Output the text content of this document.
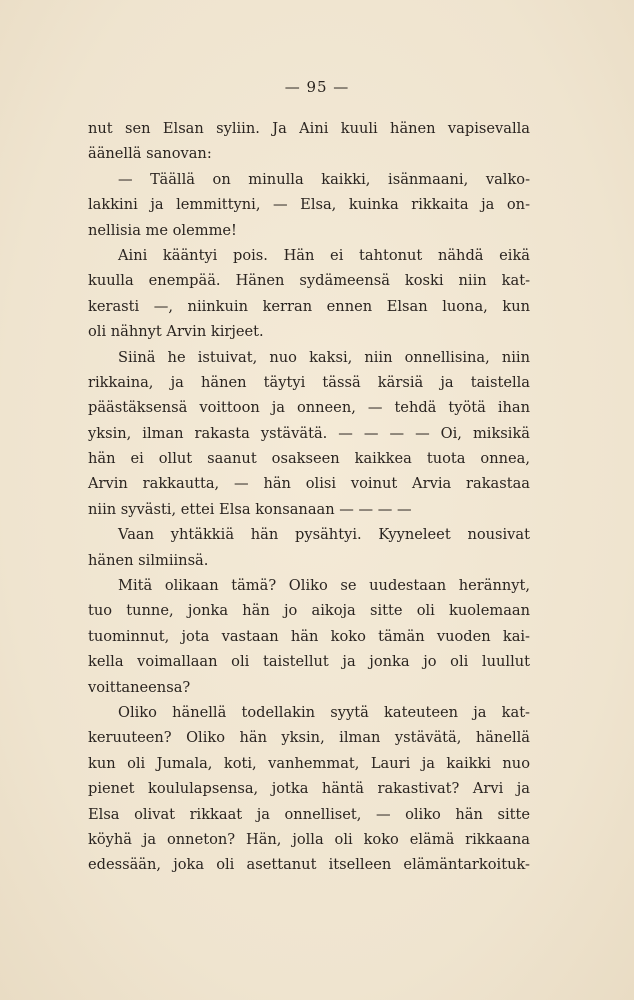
— 95 —
nut sen Elsan syliin. Ja Aini kuuli hänen vapisevalla
äänellä sanovan:
— Täällä on minulla kaikki, isänmaani, valko-
lakkini ja lemmittyni, — Elsa, kuinka rikkaita ja on-
nellisia me olemme!
Aini kääntyi pois. Hän ei tahtonut nähdä eikä
kuulla enempää. Hänen sydämeensä koski niin kat-
kerasti —, niinkuin kerran ennen Elsan luona, kun
oli nähnyt Arvin kirjeet.
Siinä he istuivat, nuo kaksi, niin onnellisina, niin
rikkaina, ja hänen täytyi tässä kärsiä ja taistella
päästäksensä voittoon ja onneen, — tehdä työtä ihan
yksin, ilman rakasta ystävätä. — — — — Oi, miksikä
hän ei ollut saanut osakseen kaikkea tuota onnea,
Arvin rakkautta, — hän olisi voinut Arvia rakastaa
niin syvästi, ettei Elsa konsanaan — — — —
Vaan yhtäkkiä hän pysähtyi. Kyyneleet nousivat
hänen silmiinsä.
Mitä olikaan tämä? Oliko se uudestaan herännyt,
tuo tunne, jonka hän jo aikoja sitte oli kuolemaan
tuominnut, jota vastaan hän koko tämän vuoden kai-
kella voimallaan oli taistellut ja jonka jo oli luullut
voittaneensa?
Oliko hänellä todellakin syytä kateuteen ja kat-
keruuteen? Oliko hän yksin, ilman ystävätä, hänellä
kun oli Jumala, koti, vanhemmat, Lauri ja kaikki nuo
pienet koululapsensa, jotka häntä rakastivat? Arvi ja
Elsa olivat rikkaat ja onnelliset, — oliko hän sitte
köyhä ja onneton? Hän, jolla oli koko elämä rikkaana
edessään, joka oli asettanut itselleen elämäntarkoituk-
